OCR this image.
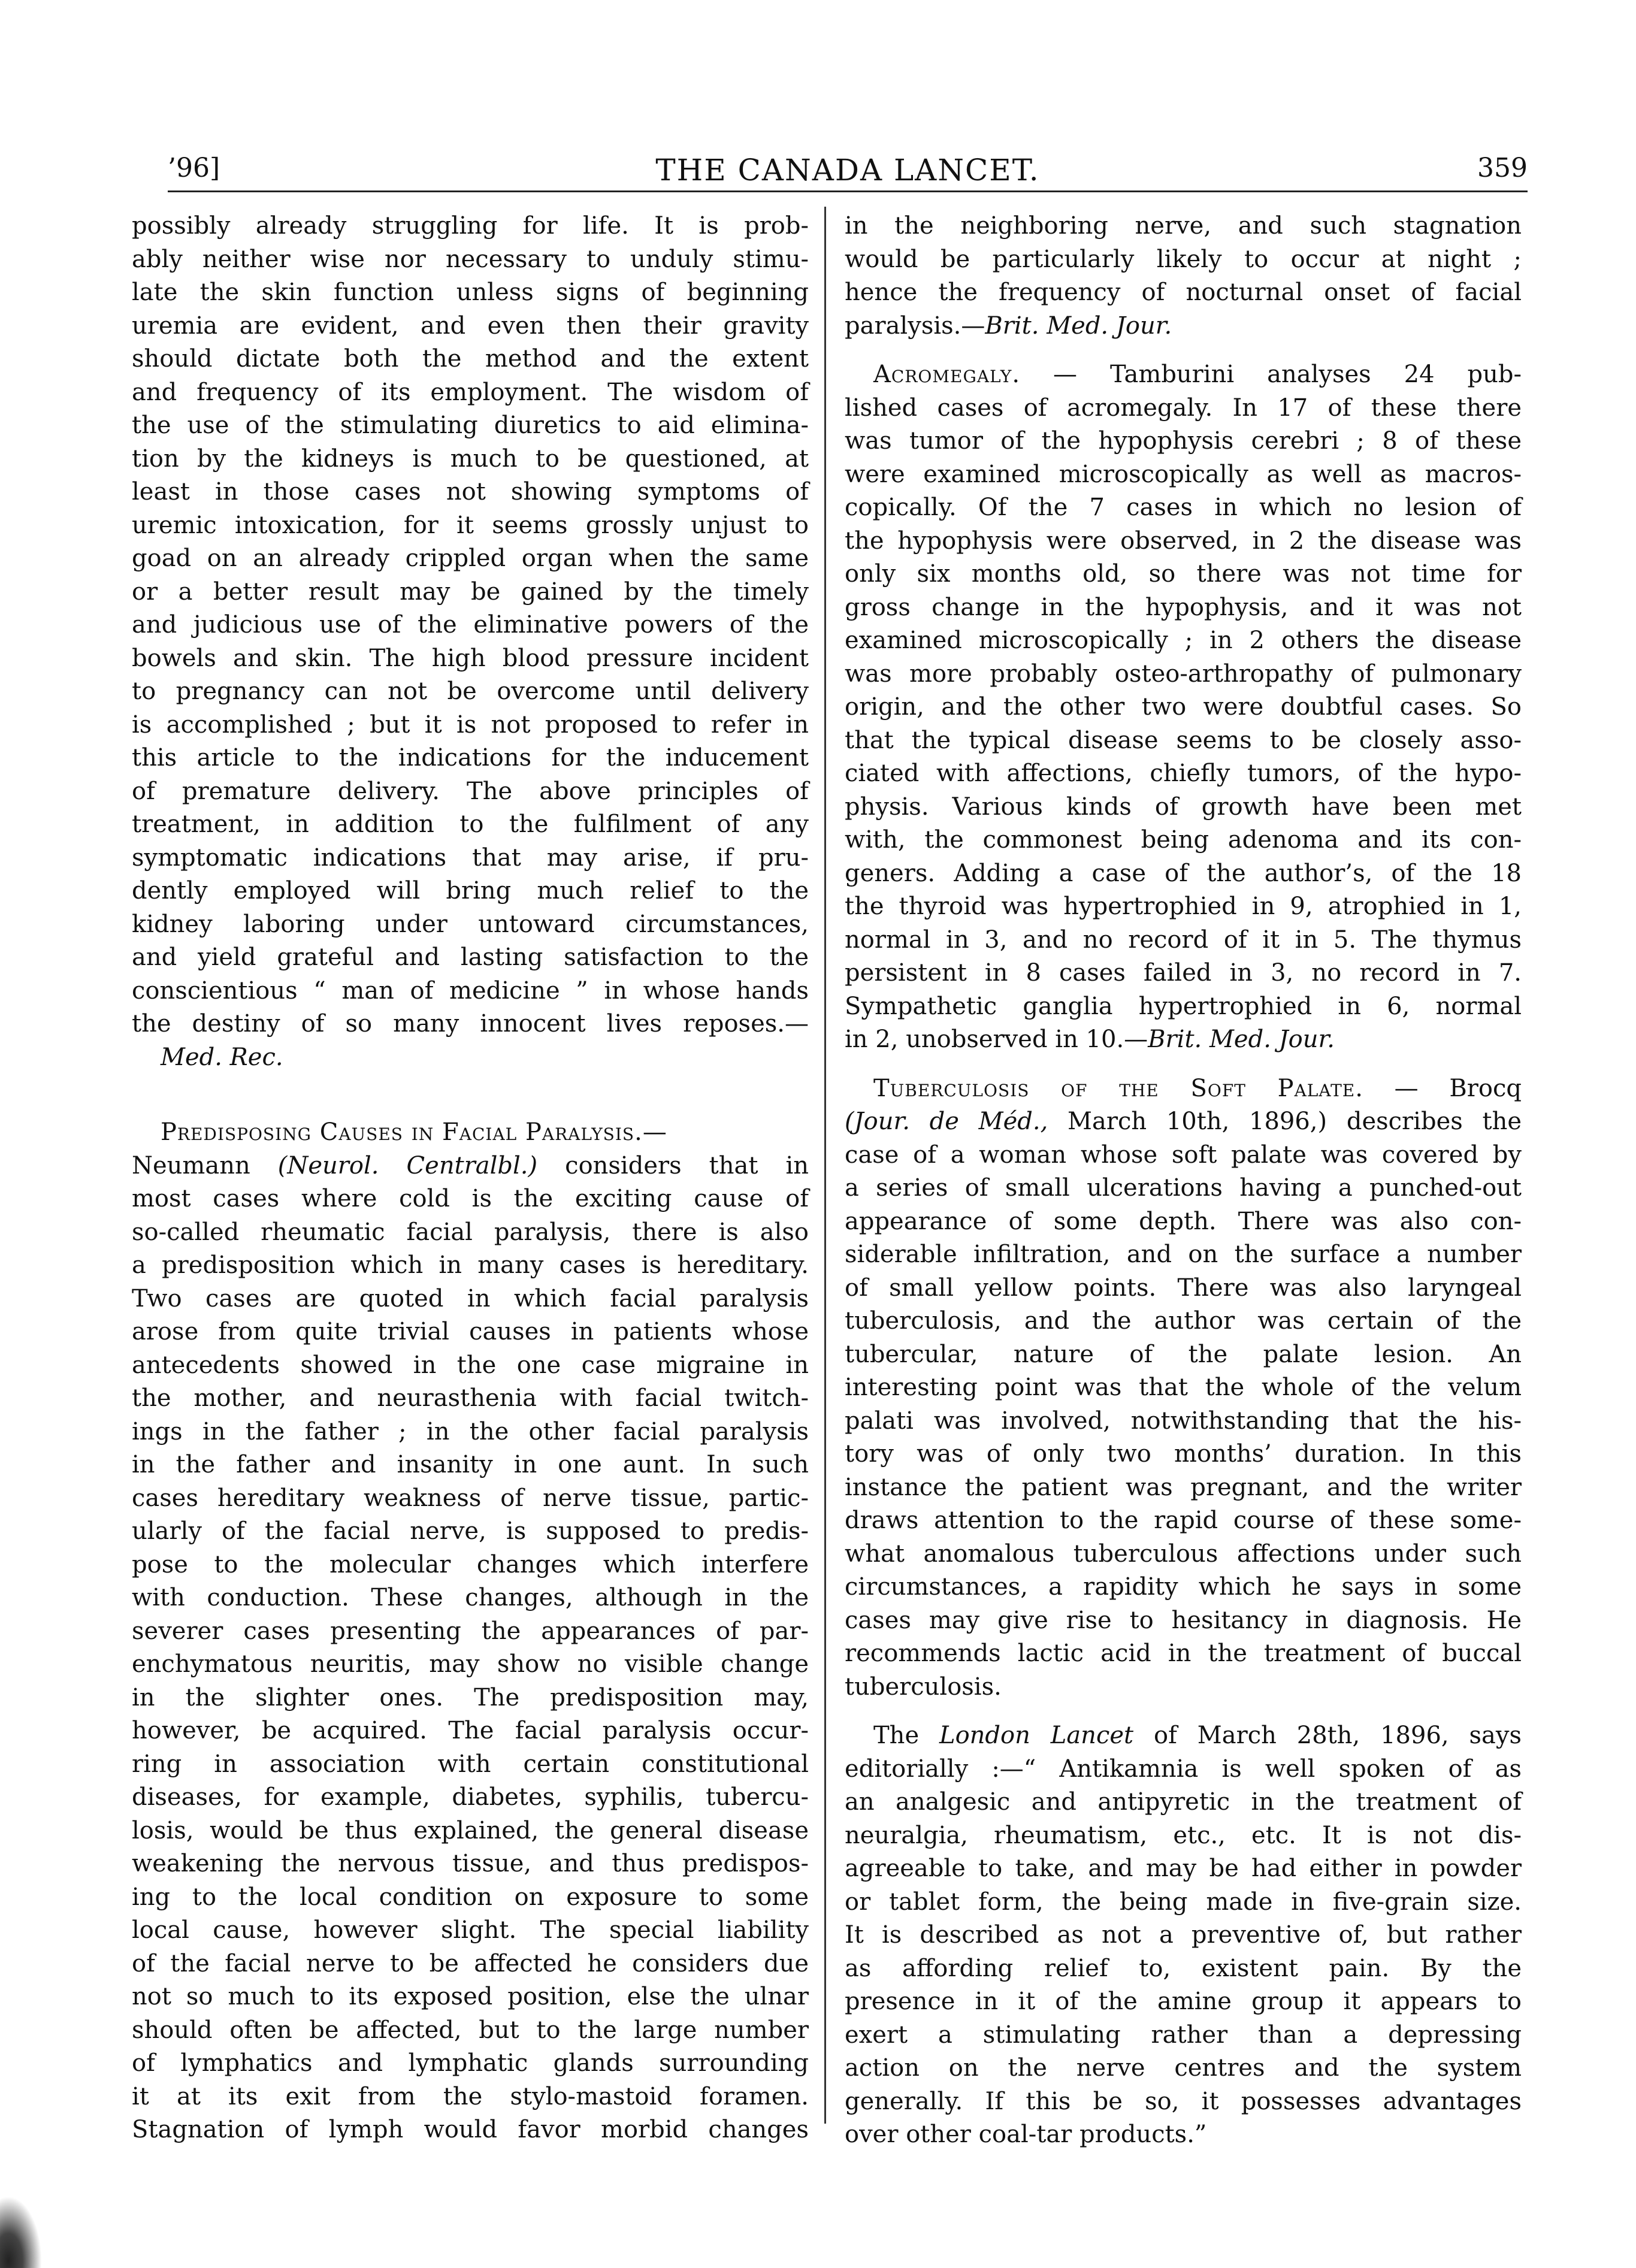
’96]	THE CANADA LANCET.	359
possibly already struggling for life. It is prob-
ably neither wise nor necessary to unduly stimu-
late the skin function unless signs of beginning
uremia are evident, and even then their gravity
should dictate both the method and the extent
and frequency of its employment. The wisdom of
the use of the stimulating diuretics to aid elimina-
tion by the kidneys is much to be questioned, at
least in those cases not showing symptoms of
uremic intoxication, for it seems grossly unjust to
goad on an already crippled organ when the same
or a better result may be gained by the timely
and judicious use of the eliminative powers of the
bowels and skin. The high blood pressure incident
to pregnancy can not be overcome until delivery
is accomplished ; but it is not proposed to refer in
this article to the indications for the inducement
of premature delivery. The above principles of
treatment, in addition to the fulfilment of any
symptomatic indications that may arise, if pru-
dently employed will bring much relief to the
kidney laboring under untoward circumstances,
and yield grateful and lasting satisfaction to the
conscientious “ man of medicine ” in whose hands
the destiny of so many innocent lives reposes.—
Med. Rec.
Predisposing Causes in Facial Paralysis.—
Neumann (Neurol. Centralbl.) considers that in
most cases where cold is the exciting cause of
so-called rheumatic facial paralysis, there is also
a predisposition which in many cases is hereditary.
Two cases are quoted in which facial paralysis
arose from quite trivial causes in patients whose
antecedents showed in the one case migraine in
the mother, and neurasthenia with facial twitch-
ings in the father ; in the other facial paralysis
in the father and insanity in one aunt. In such
cases hereditary weakness of nerve tissue, partic-
ularly of the facial nerve, is supposed to predis-
pose to the molecular changes which interfere
with conduction. These changes, although in the
severer cases presenting the appearances of par-
enchymatous neuritis, may show no visible change
in the slighter ones. The predisposition may,
however, be acquired. The facial paralysis occur-
ring in association with certain constitutional
diseases, for example, diabetes, syphilis, tubercu-
losis, would be thus explained, the general disease
weakening the nervous tissue, and thus predispos-
ing to the local condition on exposure to some
local cause, however slight. The special liability
of the facial nerve to be affected he considers due
not so much to its exposed position, else the ulnar
should often be affected, but to the large number
of lymphatics and lymphatic glands surrounding
it at its exit from the stylo-mastoid foramen.
Stagnation of lymph would favor morbid changes
in the neighboring nerve, and such stagnation
would be particularly likely to occur at night ;
hence the frequency of nocturnal onset of facial
paralysis.—Brit. Med. Jour.
Acromegaly. — Tamburini analyses 24 pub-
lished cases of acromegaly. In 17 of these there
was tumor of the hypophysis cerebri ; 8 of these
were examined microscopically as well as macros-
copically. Of the 7 cases in which no lesion of
the hypophysis were observed, in 2 the disease was
only six months old, so there was not time for
gross change in the hypophysis, and it was not
examined microscopically ; in 2 others the disease
was more probably osteo-arthropathy of pulmonary
origin, and the other two were doubtful cases. So
that the typical disease seems to be closely asso-
ciated with affections, chiefly tumors, of the hypo-
physis. Various kinds of growth have been met
with, the commonest being adenoma and its con-
geners. Adding a case of the author’s, of the 18
the thyroid was hypertrophied in 9, atrophied in 1,
normal in 3, and no record of it in 5. The thymus
persistent in 8 cases failed in 3, no record in 7.
Sympathetic ganglia hypertrophied in 6, normal
in 2, unobserved in 10.—Brit. Med. Jour.
Tuberculosis of the Soft Palate. — Brocq
(Jour. de Méd., March 10th, 1896,) describes the
case of a woman whose soft palate was covered by
a series of small ulcerations having a punched-out
appearance of some depth. There was also con-
siderable infiltration, and on the surface a number
of small yellow points. There was also laryngeal
tuberculosis, and the author was certain of the
tubercular, nature of the palate lesion. An
interesting point was that the whole of the velum
palati was involved, notwithstanding that the his-
tory was of only two months’ duration. In this
instance the patient was pregnant, and the writer
draws attention to the rapid course of these some-
what anomalous tuberculous affections under such
circumstances, a rapidity which he says in some
cases may give rise to hesitancy in diagnosis. He
recommends lactic acid in the treatment of buccal
tuberculosis.
The London Lancet of March 28th, 1896, says
editorially :—“ Antikamnia is well spoken of as
an analgesic and antipyretic in the treatment of
neuralgia, rheumatism, etc., etc. It is not dis-
agreeable to take, and may be had either in powder
or tablet form, the being made in five-grain size.
It is described as not a preventive of, but rather
as affording relief to, existent pain. By the
presence in it of the amine group it appears to
exert a stimulating rather than a depressing
action on the nerve centres and the system
generally. If this be so, it possesses advantages
over other coal-tar products.”
